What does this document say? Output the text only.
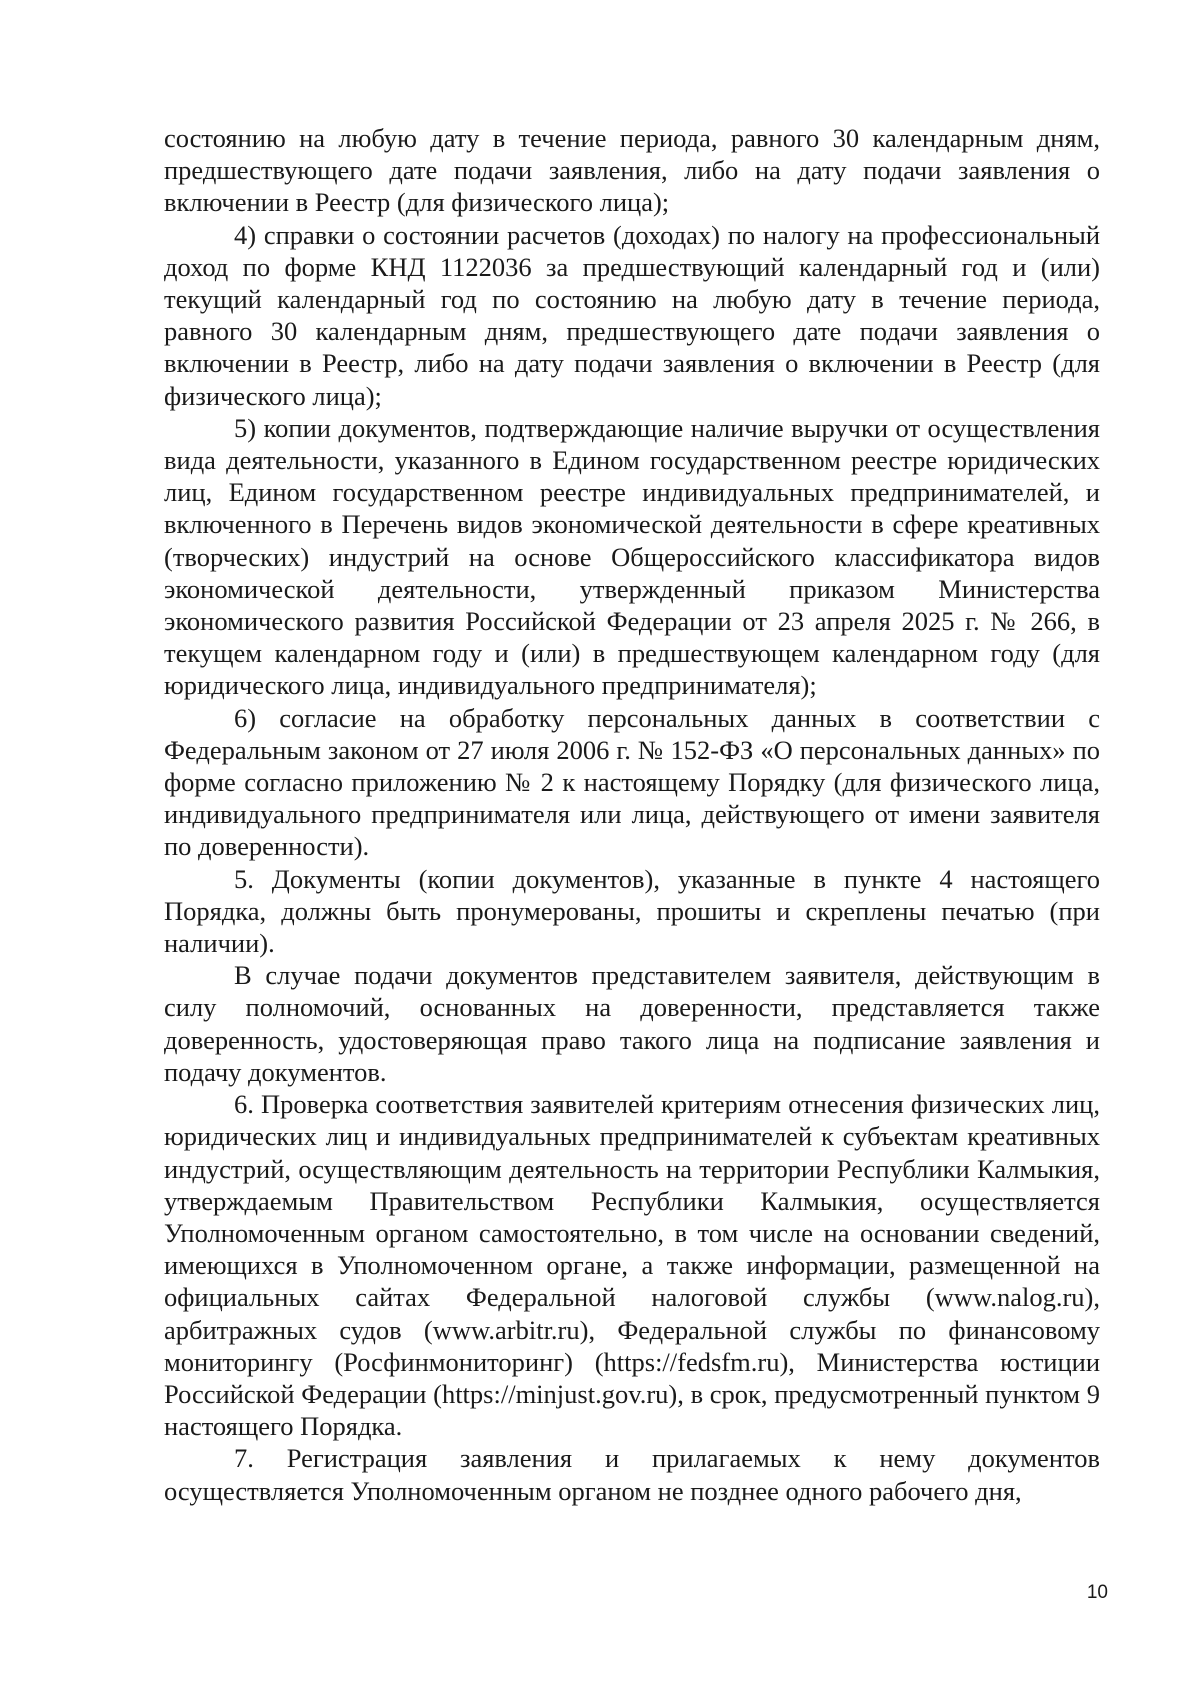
состоянию на любую дату в течение периода, равного 30 календарным дням, предшествующего дате подачи заявления, либо на дату подачи заявления о включении в Реестр (для физического лица);

4) справки о состоянии расчетов (доходах) по налогу на профессиональный доход по форме КНД 1122036 за предшествующий календарный год и (или) текущий календарный год по состоянию на любую дату в течение периода, равного 30 календарным дням, предшествующего дате подачи заявления о включении в Реестр, либо на дату подачи заявления о включении в Реестр (для физического лица);

5) копии документов, подтверждающие наличие выручки от осуществления вида деятельности, указанного в Едином государственном реестре юридических лиц, Едином государственном реестре индивидуальных предпринимателей, и включенного в Перечень видов экономической деятельности в сфере креативных (творческих) индустрий на основе Общероссийского классификатора видов экономической деятельности, утвержденный приказом Министерства экономического развития Российской Федерации от 23 апреля 2025 г. № 266, в текущем календарном году и (или) в предшествующем календарном году (для юридического лица, индивидуального предпринимателя);

6) согласие на обработку персональных данных в соответствии с Федеральным законом от 27 июля 2006 г. № 152-ФЗ «О персональных данных» по форме согласно приложению № 2 к настоящему Порядку (для физического лица, индивидуального предпринимателя или лица, действующего от имени заявителя по доверенности).

5. Документы (копии документов), указанные в пункте 4 настоящего Порядка, должны быть пронумерованы, прошиты и скреплены печатью (при наличии).

В случае подачи документов представителем заявителя, действующим в силу полномочий, основанных на доверенности, представляется также доверенность, удостоверяющая право такого лица на подписание заявления и подачу документов.

6. Проверка соответствия заявителей критериям отнесения физических лиц, юридических лиц и индивидуальных предпринимателей к субъектам креативных индустрий, осуществляющим деятельность на территории Республики Калмыкия, утверждаемым Правительством Республики Калмыкия, осуществляется Уполномоченным органом самостоятельно, в том числе на основании сведений, имеющихся в Уполномоченном органе, а также информации, размещенной на официальных сайтах Федеральной налоговой службы (www.nalog.ru), арбитражных судов (www.arbitr.ru), Федеральной службы по финансовому мониторингу (Росфинмониторинг) (https://fedsfm.ru), Министерства юстиции Российской Федерации (https://minjust.gov.ru), в срок, предусмотренный пунктом 9 настоящего Порядка.

7. Регистрация заявления и прилагаемых к нему документов осуществляется Уполномоченным органом не позднее одного рабочего дня,

10
